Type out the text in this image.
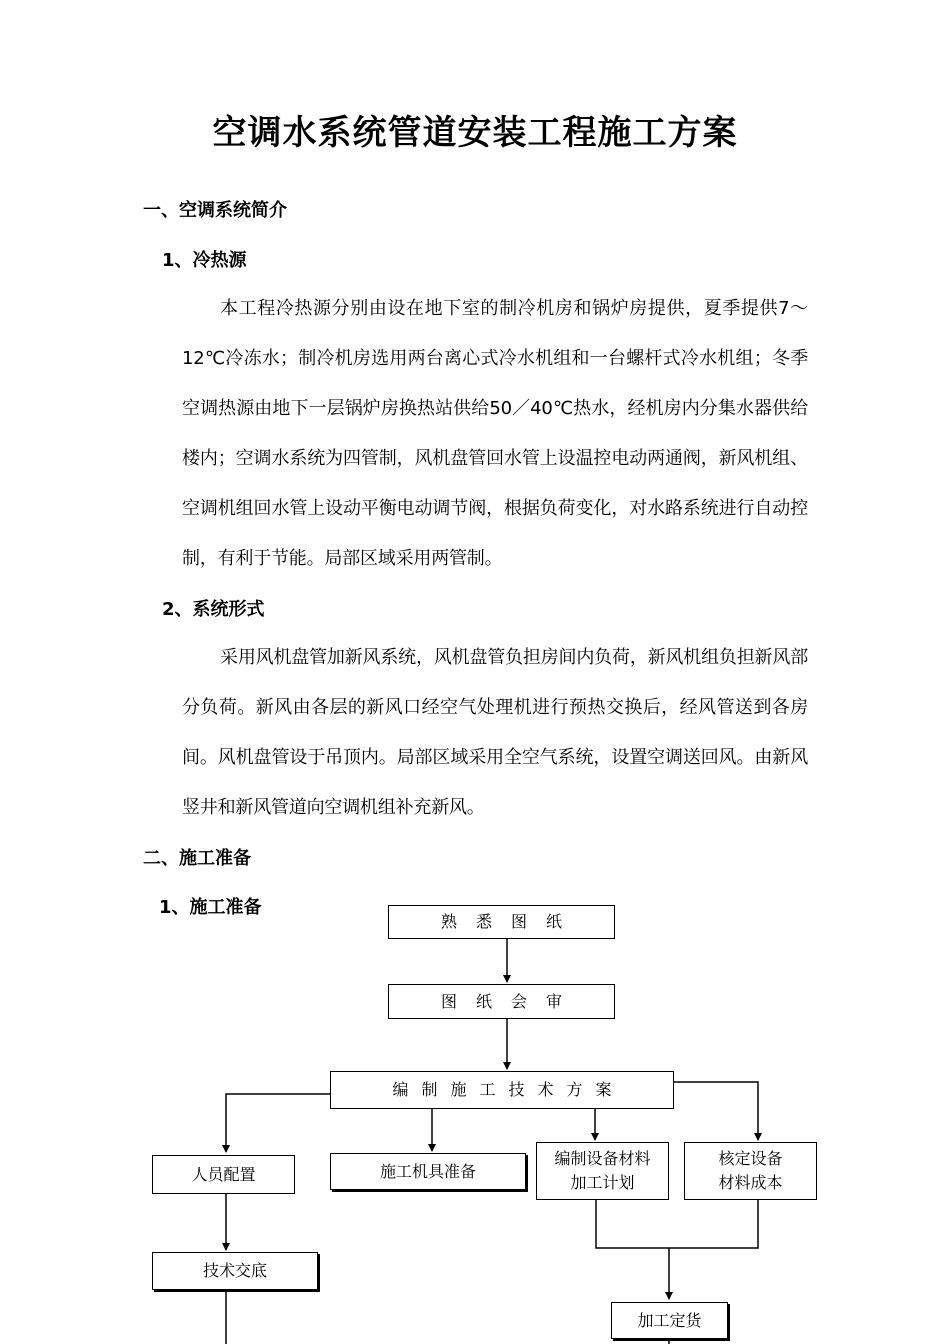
空调水系统管道安装工程施工方案
一、空调系统简介
1、冷热源
本工程冷热源分别由设在地下室的制冷机房和锅炉房提供，夏季提供7～12℃冷冻水；制冷机房选用两台离心式冷水机组和一台螺杆式冷水机组；冬季空调热源由地下一层锅炉房换热站供给50／40℃热水，经机房内分集水器供给楼内；空调水系统为四管制，风机盘管回水管上设温控电动两通阀，新风机组、空调机组回水管上设动平衡电动调节阀，根据负荷变化，对水路系统进行自动控制，有利于节能。局部区域采用两管制。
2、系统形式
采用风机盘管加新风系统，风机盘管负担房间内负荷，新风机组负担新风部分负荷。新风由各层的新风口经空气处理机进行预热交换后，经风管送到各房间。风机盘管设于吊顶内。局部区域采用全空气系统，设置空调送回风。由新风竖井和新风管道向空调机组补充新风。
二、施工准备
1、施工准备
熟悉图纸
图纸会审
编制施工技术方案
人员配置	施工机具准备
编制设备材料
加工计划
核定设备
材料成本
技术交底
加工定货
